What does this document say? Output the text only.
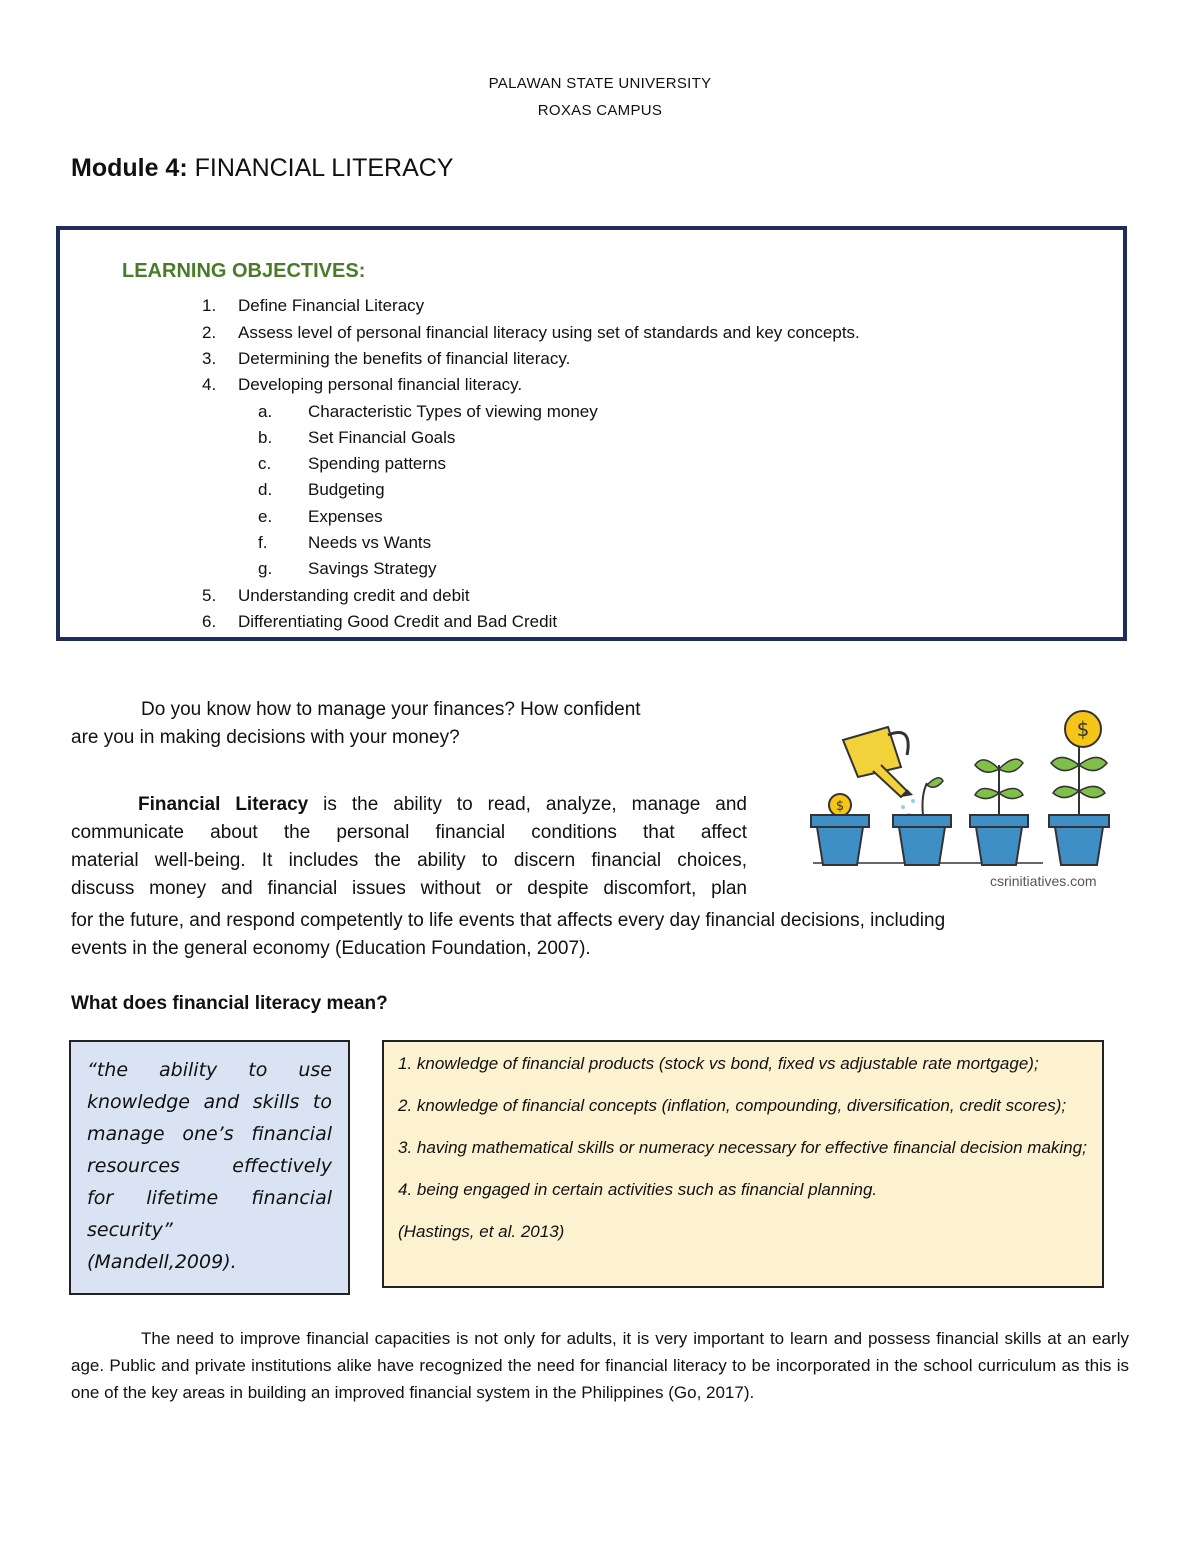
PALAWAN STATE UNIVERSITY
ROXAS CAMPUS
Module 4: FINANCIAL LITERACY
LEARNING OBJECTIVES:
1. Define Financial Literacy
2. Assess level of personal financial literacy using set of standards and key concepts.
3. Determining the benefits of financial literacy.
4. Developing personal financial literacy.
a. Characteristic Types of viewing money
b. Set Financial Goals
c. Spending patterns
d. Budgeting
e. Expenses
f. Needs vs Wants
g. Savings Strategy
5. Understanding credit and debit
6. Differentiating Good Credit and Bad Credit
Do you know how to manage your finances? How confident
are you in making decisions with your money?
Financial Literacy is the ability to read, analyze, manage and
communicate about the personal financial conditions that affect
material well-being. It includes the ability to discern financial choices,
discuss money and financial issues without or despite discomfort, plan
for the future, and respond competently to life events that affects every day financial decisions, including
events in the general economy (Education Foundation, 2007).
$
$
csrinitiatives.com
What does financial literacy mean?
“the ability to use
knowledge and skills to
manage one’s financial
resources effectively
for lifetime financial
security”
(Mandell,2009).

1. knowledge of financial products (stock vs bond, fixed vs adjustable rate mortgage);

2. knowledge of financial concepts (inflation, compounding, diversification, credit scores);

3. having mathematical skills or numeracy necessary for effective financial decision making;

4. being engaged in certain activities such as financial planning.

(Hastings, et al. 2013)

The need to improve financial capacities is not only for adults, it is very important to learn and possess financial skills at an early age. Public and private institutions alike have recognized the need for financial literacy to be incorporated in the school curriculum as this is one of the key areas in building an improved financial system in the Philippines (Go, 2017).
